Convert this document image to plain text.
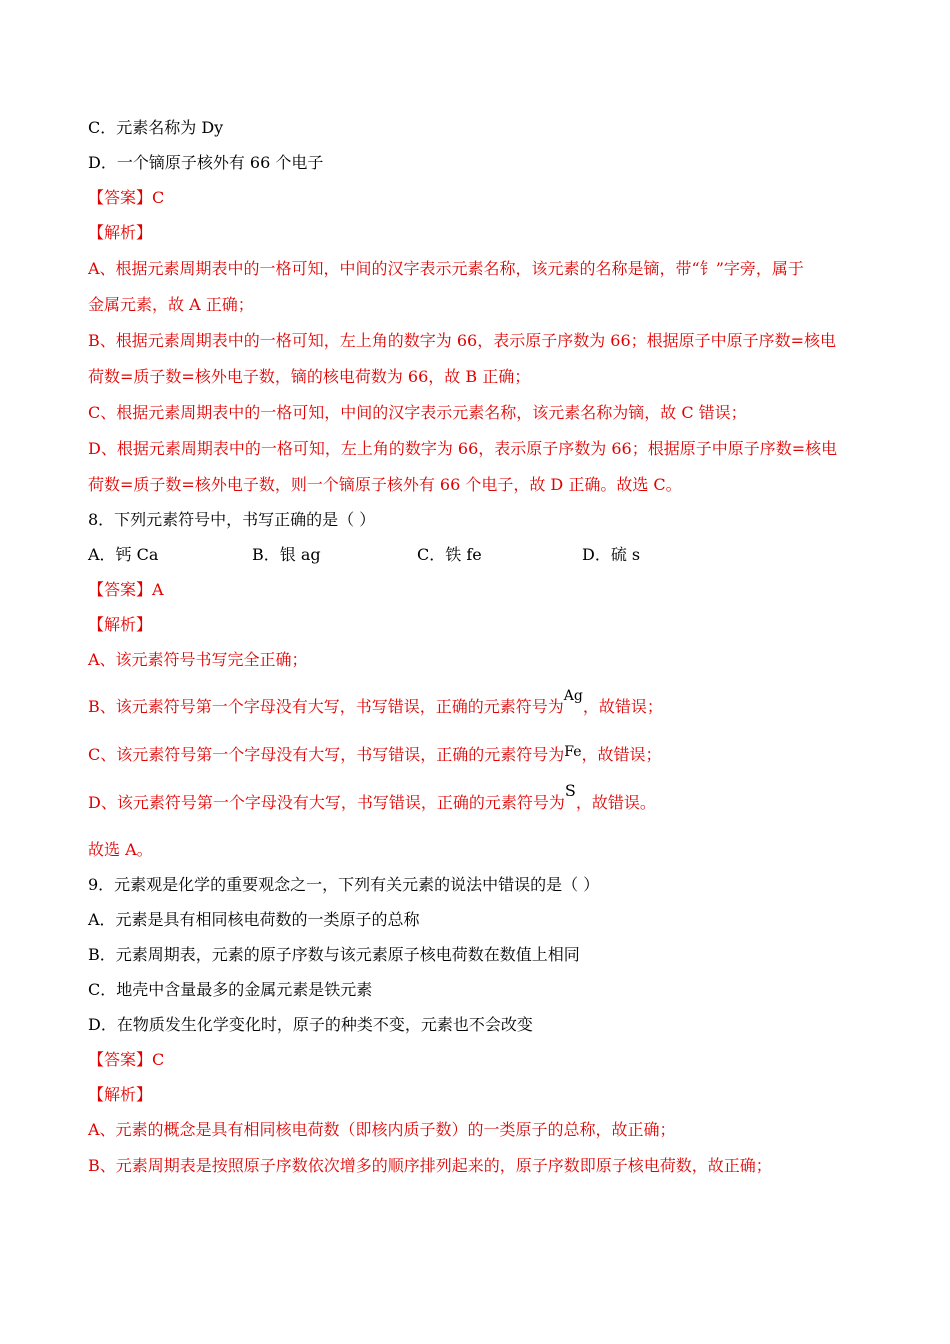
C．元素名称为 Dy
D．一个镝原子核外有 66 个电子
【答案】C
【解析】
A、根据元素周期表中的一格可知，中间的汉字表示元素名称，该元素的名称是镝，带“钅”字旁，属于
金属元素，故 A 正确；
B、根据元素周期表中的一格可知，左上角的数字为 66，表示原子序数为 66；根据原子中原子序数=核电
荷数=质子数=核外电子数，镝的核电荷数为 66，故 B 正确；
C、根据元素周期表中的一格可知，中间的汉字表示元素名称，该元素名称为镝，故 C 错误；
D、根据元素周期表中的一格可知，左上角的数字为 66，表示原子序数为 66；根据原子中原子序数=核电
荷数=质子数=核外电子数，则一个镝原子核外有 66 个电子，故 D 正确。故选 C。
8．下列元素符号中，书写正确的是（ ）
A．钙 Ca	B．银 ag	C．铁 fe	D．硫 s
【答案】A
【解析】
A、该元素符号书写完全正确；
B、该元素符号第一个字母没有大写，书写错误，正确的元素符号为Ag，故错误；
C、该元素符号第一个字母没有大写，书写错误，正确的元素符号为Fe，故错误；
D、该元素符号第一个字母没有大写，书写错误，正确的元素符号为S，故错误。
故选 A。
9．元素观是化学的重要观念之一，下列有关元素的说法中错误的是（ ）
A．元素是具有相同核电荷数的一类原子的总称
B．元素周期表，元素的原子序数与该元素原子核电荷数在数值上相同
C．地壳中含量最多的金属元素是铁元素
D．在物质发生化学变化时，原子的种类不变，元素也不会改变
【答案】C
【解析】
A、元素的概念是具有相同核电荷数（即核内质子数）的一类原子的总称，故正确；
B、元素周期表是按照原子序数依次增多的顺序排列起来的，原子序数即原子核电荷数，故正确；
